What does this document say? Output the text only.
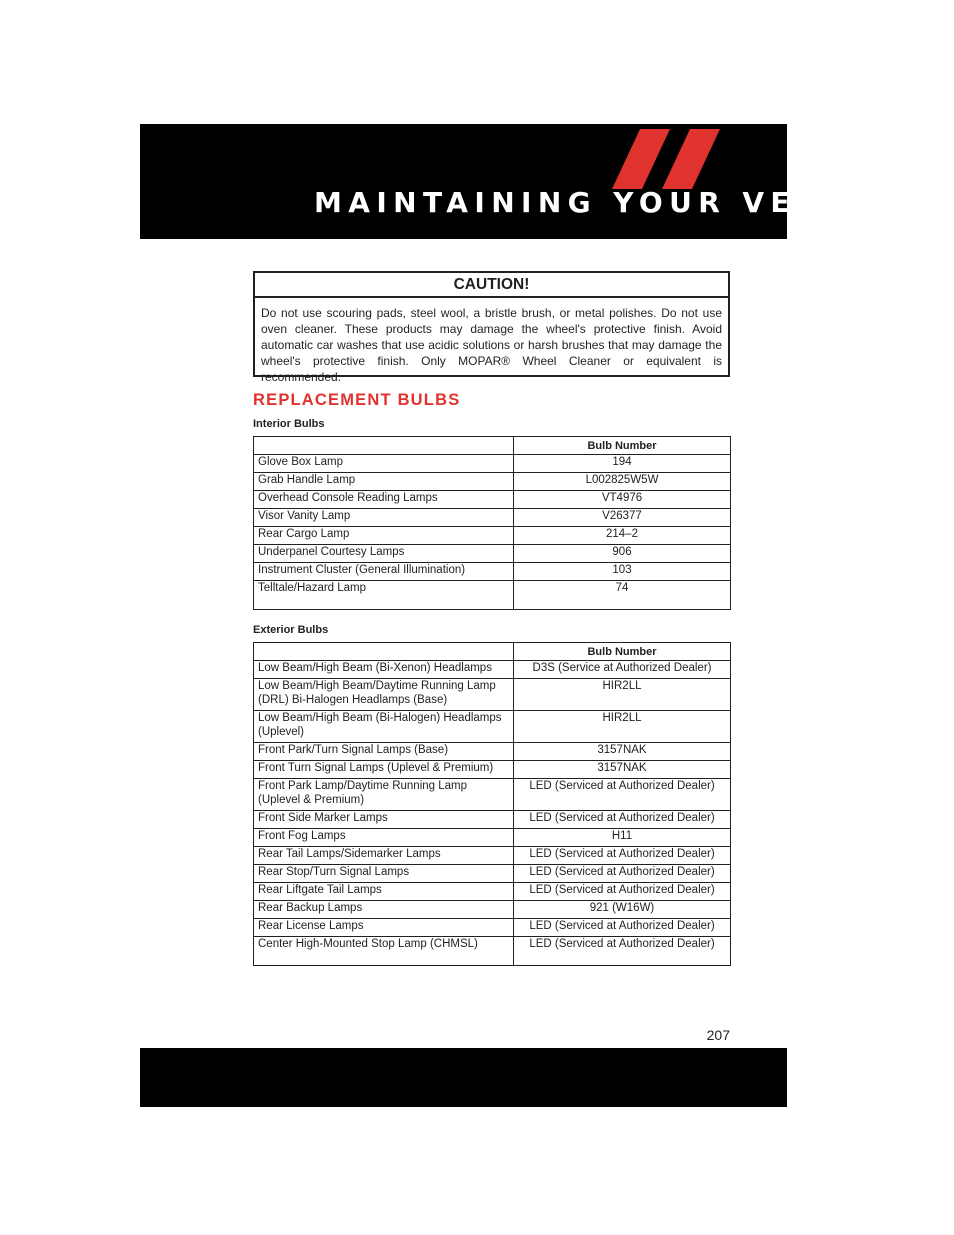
MAINTAINING YOUR VEHICLE
CAUTION!
Do not use scouring pads, steel wool, a bristle brush, or metal polishes. Do not use oven cleaner. These products may damage the wheel's protective finish. Avoid automatic car washes that use acidic solutions or harsh brushes that may damage the wheel's protective finish. Only MOPAR® Wheel Cleaner or equivalent is recommended.
REPLACEMENT BULBS
Interior Bulbs
	Bulb Number
Glove Box Lamp	194
Grab Handle Lamp	L002825W5W
Overhead Console Reading Lamps	VT4976
Visor Vanity Lamp	V26377
Rear Cargo Lamp	214–2
Underpanel Courtesy Lamps	906
Instrument Cluster (General Illumination)	103
Telltale/Hazard Lamp	74
Exterior Bulbs
	Bulb Number
Low Beam/High Beam (Bi-Xenon) Headlamps	D3S (Service at Authorized Dealer)
Low Beam/High Beam/Daytime Running Lamp (DRL) Bi-Halogen Headlamps (Base)	HIR2LL
Low Beam/High Beam (Bi-Halogen) Headlamps (Uplevel)	HIR2LL
Front Park/Turn Signal Lamps (Base)	3157NAK
Front Turn Signal Lamps (Uplevel & Premium)	3157NAK
Front Park Lamp/Daytime Running Lamp (Uplevel & Premium)	LED (Serviced at Authorized Dealer)
Front Side Marker Lamps	LED (Serviced at Authorized Dealer)
Front Fog Lamps	H11
Rear Tail Lamps/Sidemarker Lamps	LED (Serviced at Authorized Dealer)
Rear Stop/Turn Signal Lamps	LED (Serviced at Authorized Dealer)
Rear Liftgate Tail Lamps	LED (Serviced at Authorized Dealer)
Rear Backup Lamps	921 (W16W)
Rear License Lamps	LED (Serviced at Authorized Dealer)
Center High-Mounted Stop Lamp (CHMSL)	LED (Serviced at Authorized Dealer)
207
